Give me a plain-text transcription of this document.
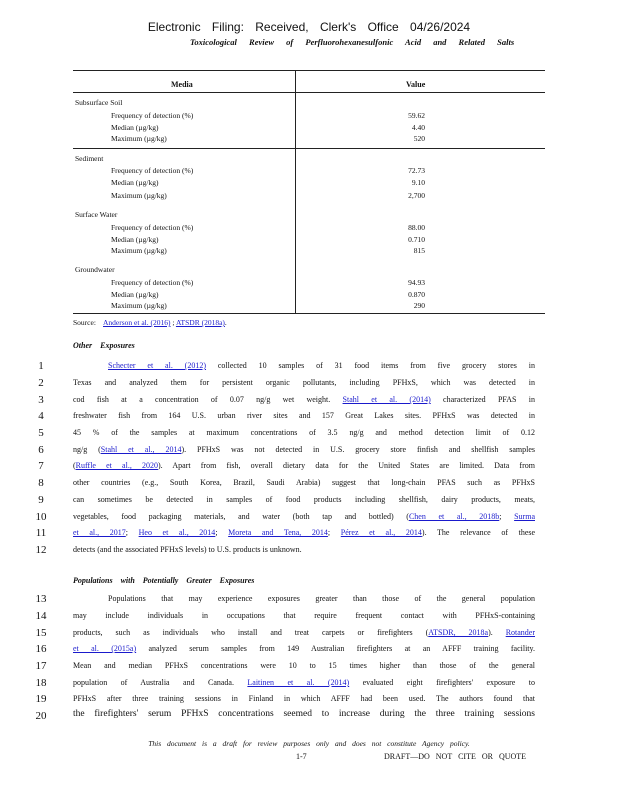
Electronic Filing: Received, Clerk's Office 04/26/2024
Toxicological Review of Perfluorohexanesulfonic Acid and Related Salts
Media	Value
Subsurface Soil
Frequency of detection (%)	59.62
Median (µg/kg)	4.40
Maximum (µg/kg)	520
Sediment
Frequency of detection (%)	72.73
Median (µg/kg)	9.10
Maximum (µg/kg)	2,700
Surface Water
Frequency of detection (%)	88.00
Median (µg/kg)	0.710
Maximum (µg/kg)	815
Groundwater
Frequency of detection (%)	94.93
Median (µg/kg)	0.870
Maximum (µg/kg)	290
Source: Anderson et al. (2016) ; ATSDR (2018a).
Other Exposures
1	Schecter et al. (2012) collected 10 samples of 31 food items from five grocery stores in
2	Texas and analyzed them for persistent organic pollutants, including PFHxS, which was detected in
3	cod fish at a concentration of 0.07 ng/g wet weight. Stahl et al. (2014) characterized PFAS in
4	freshwater fish from 164 U.S. urban river sites and 157 Great Lakes sites. PFHxS was detected in
5	45 % of the samples at maximum concentrations of 3.5 ng/g and method detection limit of 0.12
6	ng/g (Stahl et al., 2014). PFHxS was not detected in U.S. grocery store finfish and shellfish samples
7	(Ruffle et al., 2020). Apart from fish, overall dietary data for the United States are limited. Data from
8	other countries (e.g., South Korea, Brazil, Saudi Arabia) suggest that long-chain PFAS such as PFHxS
9	can sometimes be detected in samples of food products including shellfish, dairy products, meats,
10	vegetables, food packaging materials, and water (both tap and bottled) (Chen et al., 2018b; Surma
11	et al., 2017; Heo et al., 2014; Moreta and Tena, 2014; Pérez et al., 2014). The relevance of these
12	detects (and the associated PFHxS levels) to U.S. products is unknown.
Populations with Potentially Greater Exposures
13	Populations that may experience exposures greater than those of the general population
14	may include individuals in occupations that require frequent contact with PFHxS-containing
15	products, such as individuals who install and treat carpets or firefighters (ATSDR, 2018a). Rotander
16	et al. (2015a) analyzed serum samples from 149 Australian firefighters at an AFFF training facility.
17	Mean and median PFHxS concentrations were 10 to 15 times higher than those of the general
18	population of Australia and Canada. Laitinen et al. (2014) evaluated eight firefighters' exposure to
19	PFHxS after three training sessions in Finland in which AFFF had been used. The authors found that
20	the firefighters' serum PFHxS concentrations seemed to increase during the three training sessions
This document is a draft for review purposes only and does not constitute Agency policy.
1-7	DRAFT—DO NOT CITE OR QUOTE
